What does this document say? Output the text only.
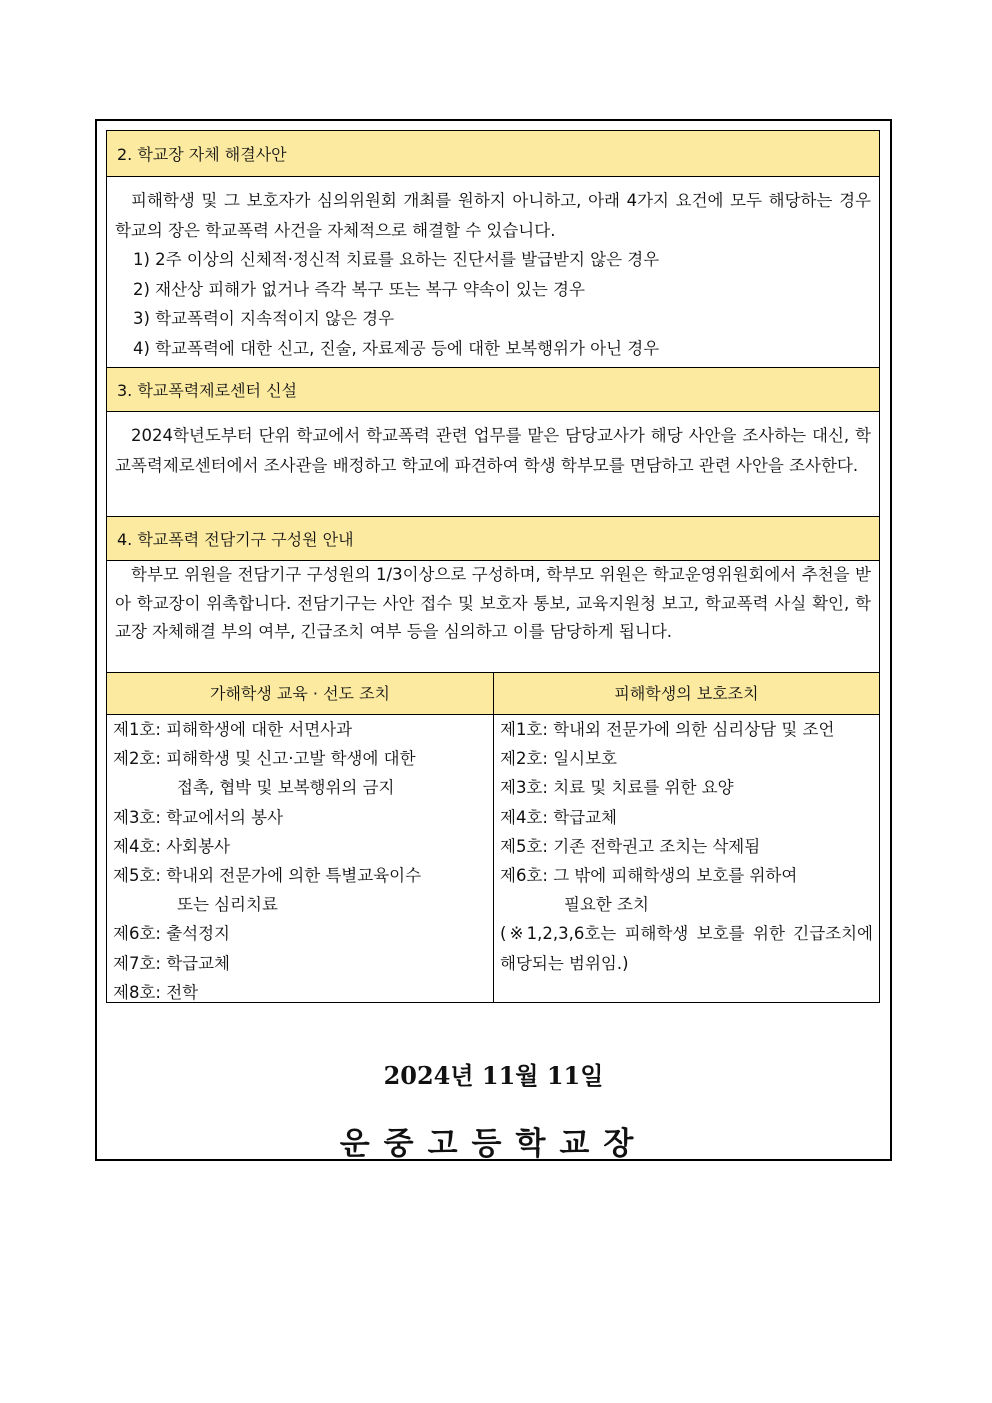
2. 학교장 자체 해결사안
피해학생 및 그 보호자가 심의위원회 개최를 원하지 아니하고, 아래 4가지 요건에 모두 해당하는 경우 학교의 장은 학교폭력 사건을 자체적으로 해결할 수 있습니다.
1) 2주 이상의 신체적·정신적 치료를 요하는 진단서를 발급받지 않은 경우
2) 재산상 피해가 없거나 즉각 복구 또는 복구 약속이 있는 경우
3) 학교폭력이 지속적이지 않은 경우
4) 학교폭력에 대한 신고, 진술, 자료제공 등에 대한 보복행위가 아닌 경우
3. 학교폭력제로센터 신설
2024학년도부터 단위 학교에서 학교폭력 관련 업무를 맡은 담당교사가 해당 사안을 조사하는 대신, 학교폭력제로센터에서 조사관을 배정하고 학교에 파견하여 학생 학부모를 면담하고 관련 사안을 조사한다.
4. 학교폭력 전담기구 구성원 안내
학부모 위원을 전담기구 구성원의 1/3이상으로 구성하며, 학부모 위원은 학교운영위원회에서 추천을 받아 학교장이 위촉합니다. 전담기구는 사안 접수 및 보호자 통보, 교육지원청 보고, 학교폭력 사실 확인, 학교장 자체해결 부의 여부, 긴급조치 여부 등을 심의하고 이를 담당하게 됩니다.
가해학생 교육 · 선도 조치	피해학생의 보호조치
제1호: 피해학생에 대한 서면사과
제2호: 피해학생 및 신고·고발 학생에 대한
접촉, 협박 및 보복행위의 금지
제3호: 학교에서의 봉사
제4호: 사회봉사
제5호: 학내외 전문가에 의한 특별교육이수
또는 심리치료
제6호: 출석정지
제7호: 학급교체
제8호: 전학
제1호: 학내외 전문가에 의한 심리상담 및 조언
제2호: 일시보호
제3호: 치료 및 치료를 위한 요양
제4호: 학급교체
제5호: 기존 전학권고 조치는 삭제됨
제6호: 그 밖에 피해학생의 보호를 위하여
필요한 조치
(※1,2,3,6호는 피해학생 보호를 위한 긴급조치에 해당되는 범위임.)
2024년 11월 11일
운중고등학교장
